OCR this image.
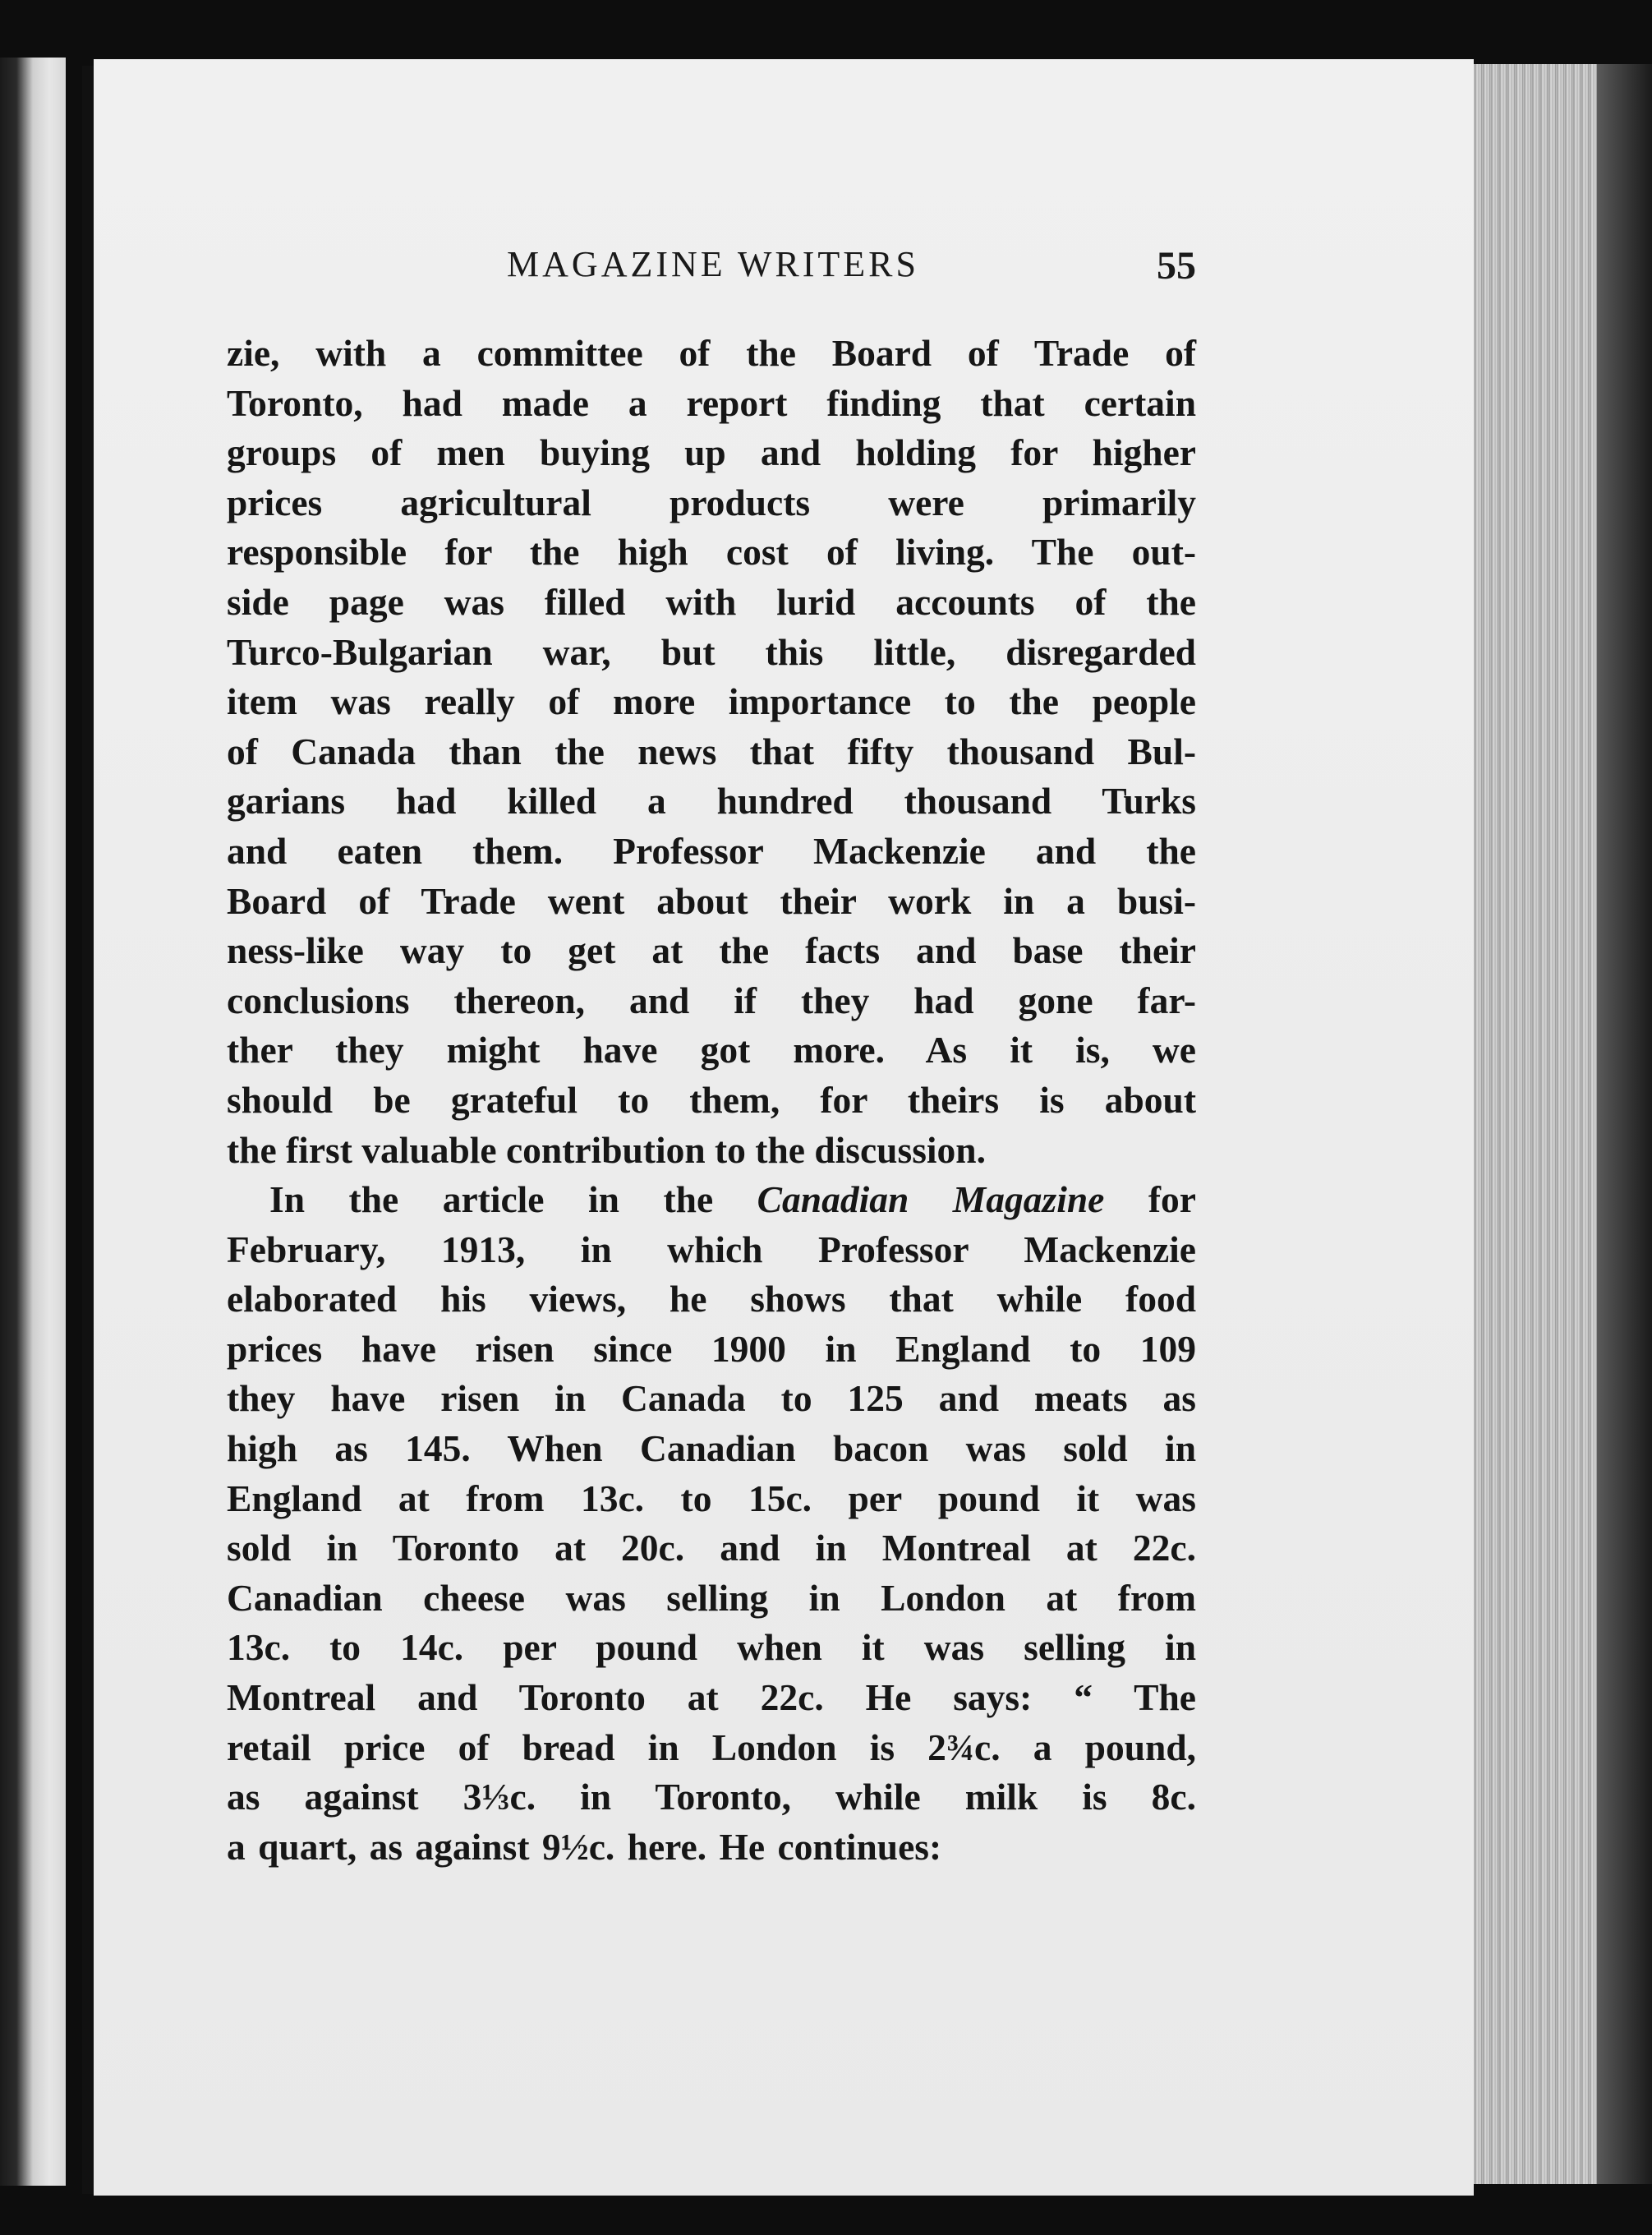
MAGAZINE WRITERS	55
zie, with a committee of the Board of Trade of
Toronto, had made a report finding that certain
groups of men buying up and holding for higher
prices agricultural products were primarily
responsible for the high cost of living. The out-
side page was filled with lurid accounts of the
Turco-Bulgarian war, but this little, disregarded
item was really of more importance to the people
of Canada than the news that fifty thousand Bul-
garians had killed a hundred thousand Turks
and eaten them. Professor Mackenzie and the
Board of Trade went about their work in a busi-
ness-like way to get at the facts and base their
conclusions thereon, and if they had gone far-
ther they might have got more. As it is, we
should be grateful to them, for theirs is about
the first valuable contribution to the discussion.
In the article in the Canadian Magazine for
February, 1913, in which Professor Mackenzie
elaborated his views, he shows that while food
prices have risen since 1900 in England to 109
they have risen in Canada to 125 and meats as
high as 145. When Canadian bacon was sold in
England at from 13c. to 15c. per pound it was
sold in Toronto at 20c. and in Montreal at 22c.
Canadian cheese was selling in London at from
13c. to 14c. per pound when it was selling in
Montreal and Toronto at 22c. He says: “ The
retail price of bread in London is 2¾c. a pound,
as against 3⅓c. in Toronto, while milk is 8c.
a quart, as against 9½c. here. He continues:
